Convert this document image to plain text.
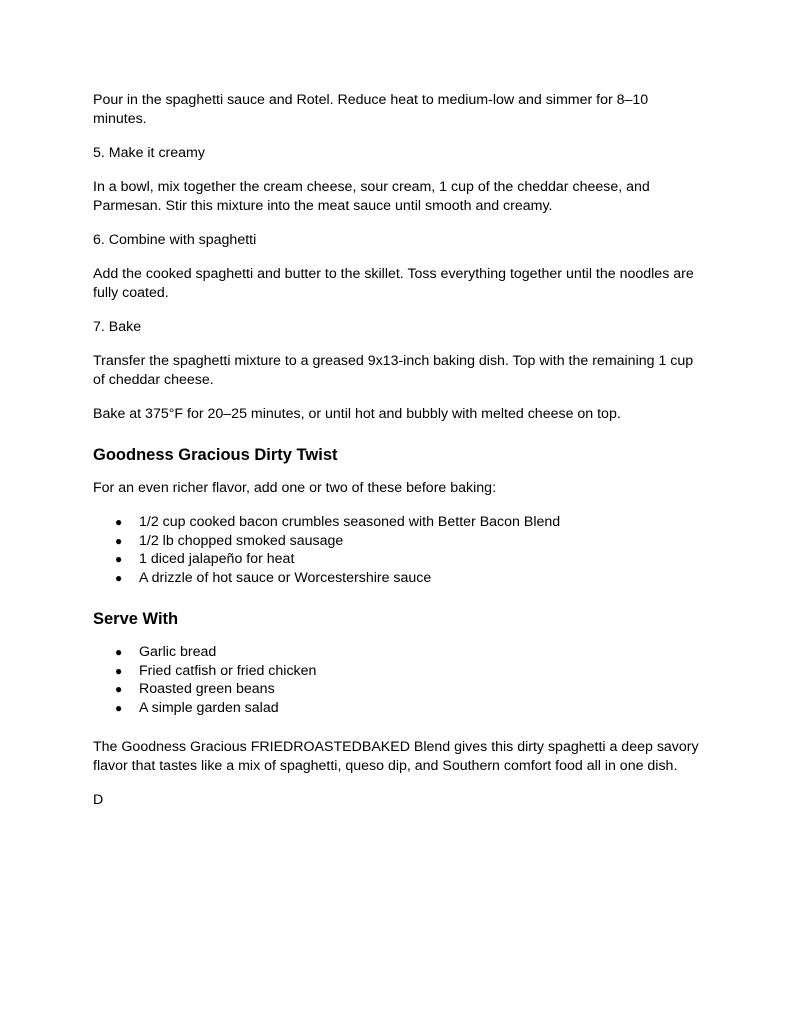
Pour in the spaghetti sauce and Rotel. Reduce heat to medium-low and simmer for 8–10 minutes.

5. Make it creamy

In a bowl, mix together the cream cheese, sour cream, 1 cup of the cheddar cheese, and Parmesan. Stir this mixture into the meat sauce until smooth and creamy.

6. Combine with spaghetti

Add the cooked spaghetti and butter to the skillet. Toss everything together until the noodles are fully coated.

7. Bake

Transfer the spaghetti mixture to a greased 9x13-inch baking dish. Top with the remaining 1 cup of cheddar cheese.

Bake at 375°F for 20–25 minutes, or until hot and bubbly with melted cheese on top.

Goodness Gracious Dirty Twist

For an even richer flavor, add one or two of these before baking:

● 1/2 cup cooked bacon crumbles seasoned with Better Bacon Blend
● 1/2 lb chopped smoked sausage
● 1 diced jalapeño for heat
● A drizzle of hot sauce or Worcestershire sauce
Serve With
● Garlic bread
● Fried catfish or fried chicken
● Roasted green beans
● A simple garden salad

The Goodness Gracious FRIEDROASTEDBAKED Blend gives this dirty spaghetti a deep savory flavor that tastes like a mix of spaghetti, queso dip, and Southern comfort food all in one dish.

D
